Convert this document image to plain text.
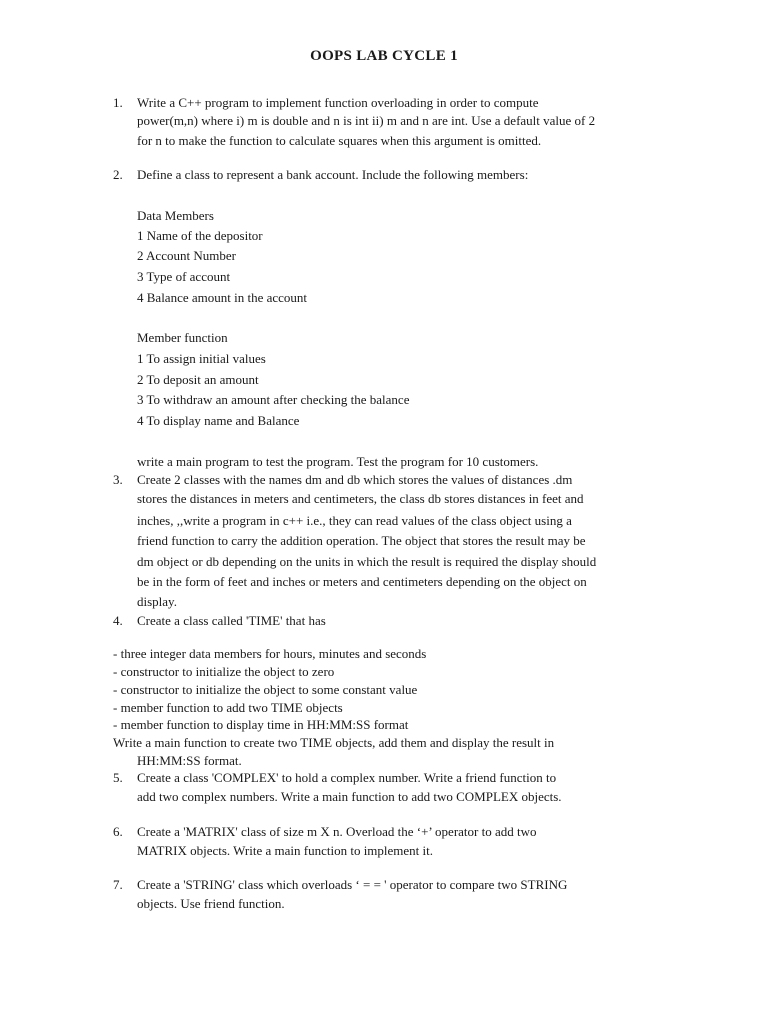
OOPS LAB CYCLE 1
1. Write a C++ program to implement function overloading in order to compute
power(m,n) where i) m is double and n is int ii) m and n are int. Use a default value of 2
for n to make the function to calculate squares when this argument is omitted.
2. Define a class to represent a bank account. Include the following members:
Data Members
1 Name of the depositor
2 Account Number
3 Type of account
4 Balance amount in the account
Member function
1 To assign initial values
2 To deposit an amount
3 To withdraw an amount after checking the balance
4 To display name and Balance
write a main program to test the program. Test the program for 10 customers.
3. Create 2 classes with the names dm and db which stores the values of distances .dm
stores the distances in meters and centimeters, the class db stores distances in feet and
inches, ,,write a program in c++ i.e., they can read values of the class object using a
friend function to carry the addition operation. The object that stores the result may be
dm object or db depending on the units in which the result is required the display should
be in the form of feet and inches or meters and centimeters depending on the object on
display.
4. Create a class called 'TIME' that has
- three integer data members for hours, minutes and seconds
- constructor to initialize the object to zero
- constructor to initialize the object to some constant value
- member function to add two TIME objects
- member function to display time in HH:MM:SS format
Write a main function to create two TIME objects, add them and display the result in
HH:MM:SS format.
5. Create a class 'COMPLEX' to hold a complex number. Write a friend function to
add two complex numbers. Write a main function to add two COMPLEX objects.
6. Create a 'MATRIX' class of size m X n. Overload the ‘+’ operator to add two
MATRIX objects. Write a main function to implement it.
7. Create a 'STRING' class which overloads ‘ = = ' operator to compare two STRING
objects. Use friend function.
